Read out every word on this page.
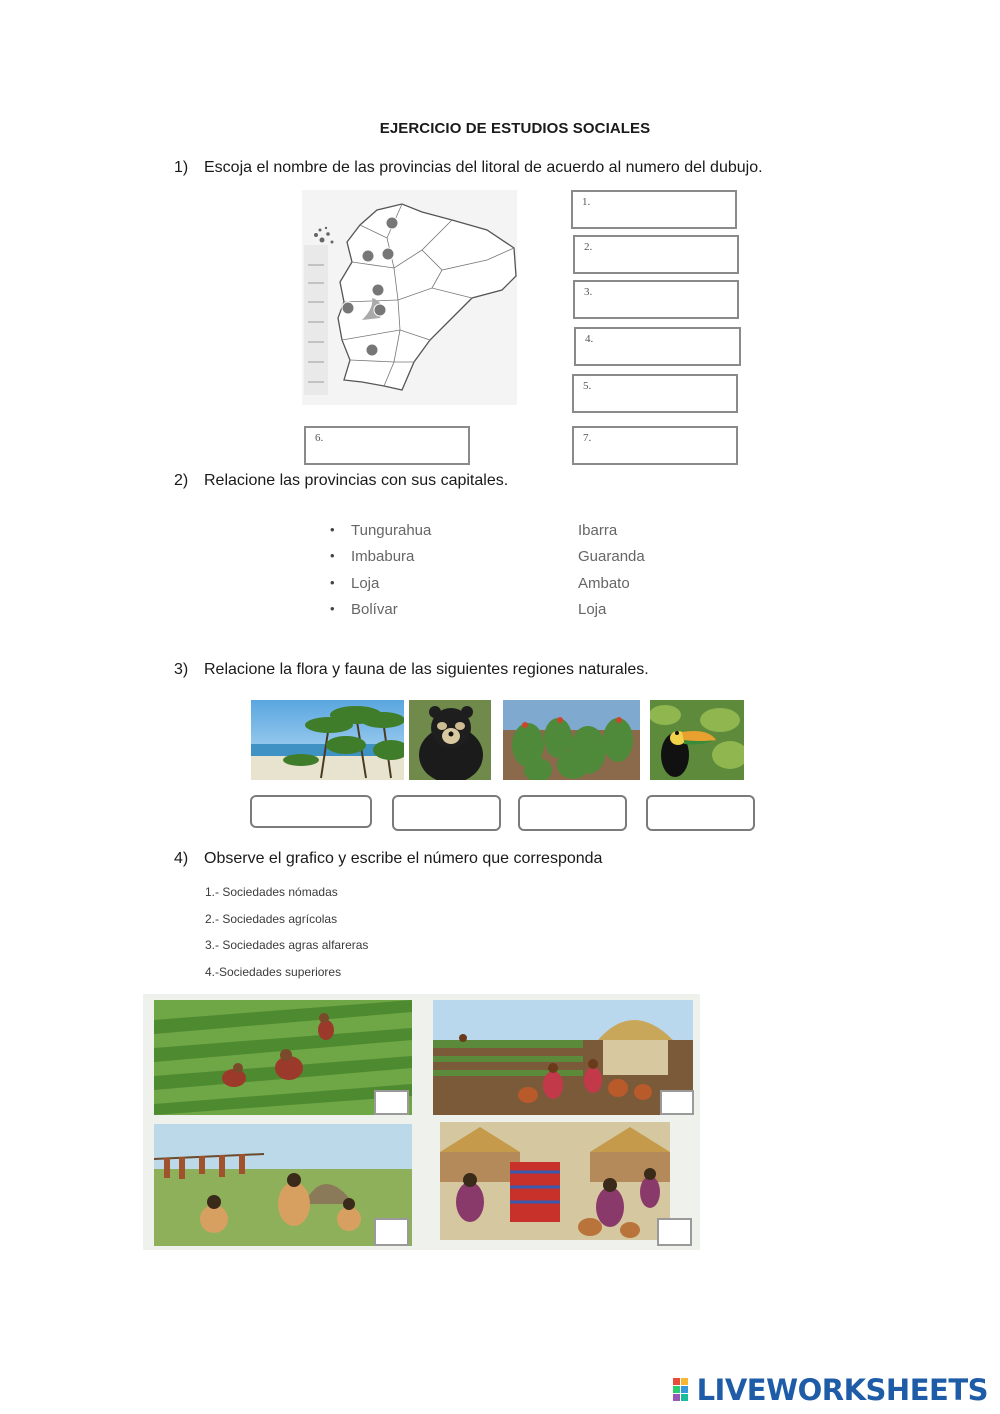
EJERCICIO DE ESTUDIOS SOCIALES
1) Escoja el nombre de las provincias del litoral de acuerdo al numero del dubujo.
1.
2.
3.
4.
5.
6.	7.
2) Relacione las provincias con sus capitales.
• Tungurahua
• Imbabura
• Loja
• Bolívar
Ibarra
Guaranda
Ambato
Loja
3) Relacione la flora y fauna de las siguientes regiones naturales.
4) Observe el grafico y escribe el número que corresponda
1.- Sociedades nómadas
2.- Sociedades agrícolas
3.- Sociedades agras alfareras
4.-Sociedades superiores
LIVEWORKSHEETS
